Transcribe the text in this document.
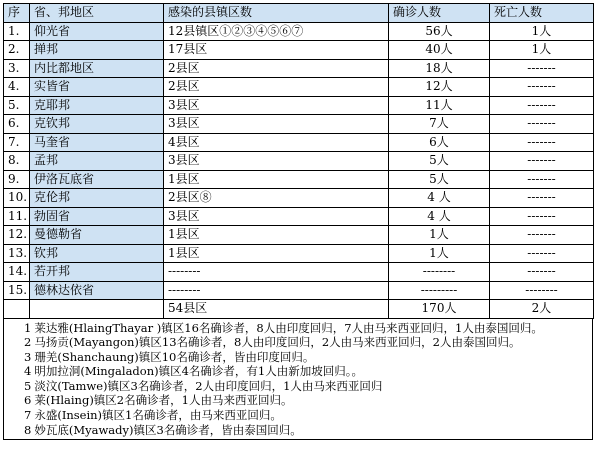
序	省、邦地区	感染的县镇区数	确诊人数	死亡人数
1.	仰光省	12县镇区①②③④⑤⑥⑦	56人	1人
2.	掸邦	17县区	40人	1人
3.	内比都地区	2县区	18人	-------
4.	实皆省	2县区	12人	-------
5.	克耶邦	3县区	11人	-------
6.	克钦邦	3县区	7人	-------
7.	马奎省	4县区	6人	-------
8.	孟邦	3县区	5人	-------
9.	伊洛瓦底省	1县区	5人	-------
10.	克伦邦	2县区⑧	4 人	-------
11.	勃固省	3县区	4 人	-------
12.	曼德勒省	1县区	1人	-------
13.	钦邦	1县区	1人	-------
14.	若开邦	--------	--------	-------
15.	德林达依省	--------	---------	--------
		54县区	170人	2人

1 莱达雅(HlaingThayar )镇区16名确诊者，8人由印度回归，7人由马来西亚回归，1人由泰国回归。

2 马扬贡(Mayangon)镇区13名确诊者，8人由印度回归，2人由马来西亚回归，2人由泰国回归。

3 珊羌(Shanchaung)镇区10名确诊者，皆由印度回归。

4 明加拉洞(Mingaladon)镇区4名确诊者，有1人由新加坡回归。。

5 淡汶(Tamwe)镇区3名确诊者，2人由印度回归，1人由马来西亚回归

6 莱(Hlaing)镇区2名确诊者，1人由马来西亚回归。

7 永盛(Insein)镇区1名确诊者，由马来西亚回归。

8 妙瓦底(Myawady)镇区3名确诊者，皆由泰国回归。
